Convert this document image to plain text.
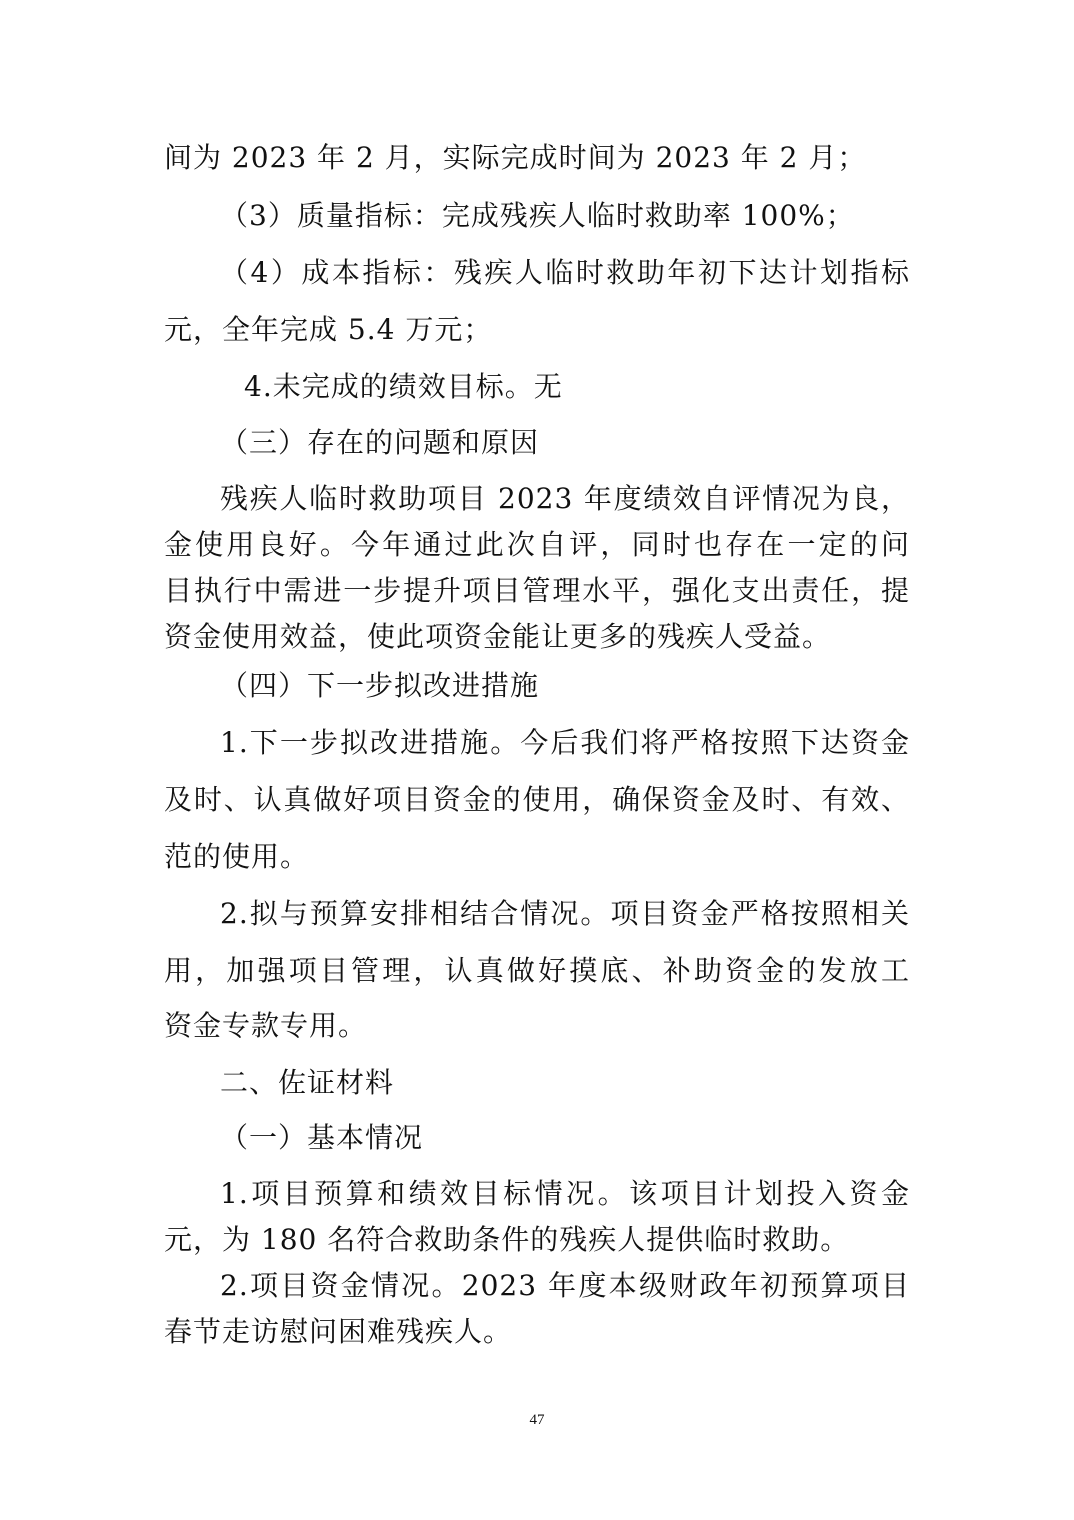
间为 2023 年 2 月，实际完成时间为 2023 年 2 月；
（3）质量指标：完成残疾人临时救助率 100%；
（4）成本指标：残疾人临时救助年初下达计划指标
元，全年完成 5.4 万元；
4.未完成的绩效目标。无
（三）存在的问题和原因
残疾人临时救助项目 2023 年度绩效自评情况为良，
金使用良好。今年通过此次自评，同时也存在一定的问
目执行中需进一步提升项目管理水平，强化支出责任，提
资金使用效益，使此项资金能让更多的残疾人受益。
（四）下一步拟改进措施
1.下一步拟改进措施。今后我们将严格按照下达资金
及时、认真做好项目资金的使用，确保资金及时、有效、
范的使用。
2.拟与预算安排相结合情况。项目资金严格按照相关
用，加强项目管理，认真做好摸底、补助资金的发放工
资金专款专用。
二、佐证材料
（一）基本情况
1.项目预算和绩效目标情况。该项目计划投入资金
元，为 180 名符合救助条件的残疾人提供临时救助。
2.项目资金情况。2023 年度本级财政年初预算项目
春节走访慰问困难残疾人。
47
